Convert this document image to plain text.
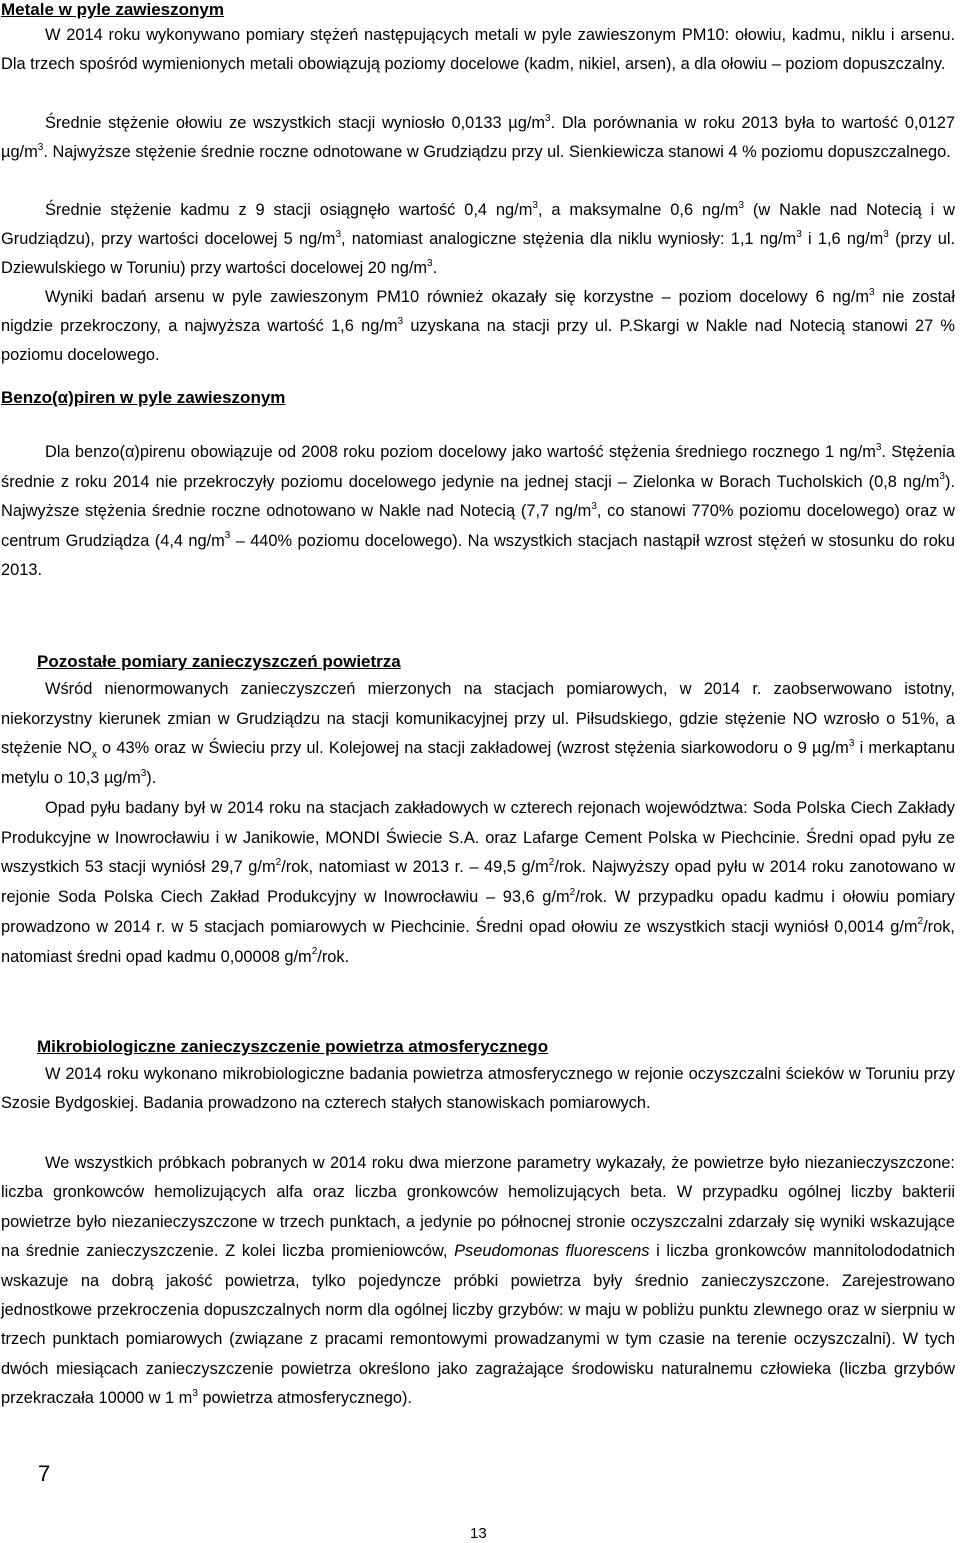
Metale w pyle zawieszonym

W 2014 roku wykonywano pomiary stężeń następujących metali w pyle zawieszonym PM10: ołowiu, kadmu, niklu i arsenu. Dla trzech spośród wymienionych metali obowiązują poziomy docelowe (kadm, nikiel, arsen), a dla ołowiu – poziom dopuszczalny.

Średnie stężenie ołowiu ze wszystkich stacji wyniosło 0,0133 $\mu g/m^3$. Dla porównania w roku 2013 była to wartość 0,0127 $\mu g/m^3$. Najwyższe stężenie średnie roczne odnotowane w Grudziądzu przy ul. Sienkiewicza stanowi 4 % poziomu dopuszczalnego.

Średnie stężenie kadmu z 9 stacji osiągnęło wartość 0,4 $ng/m^3$, a maksymalne 0,6 $ng/m^3$ (w Nakle nad Notecią i w Grudziądzu), przy wartości docelowej 5 $ng/m^3$, natomiast analogiczne stężenia dla niklu wyniosły: 1,1 $ng/m^3$ i 1,6 $ng/m^3$ (przy ul. Dziewulskiego w Toruniu) przy wartości docelowej 20 $ng/m^3$.

Wyniki badań arsenu w pyle zawieszonym PM10 również okazały się korzystne – poziom docelowy 6 $ng/m^3$ nie został nigdzie przekroczony, a najwyższa wartość 1,6 $ng/m^3$ uzyskana na stacji przy ul. P.Skargi w Nakle nad Notecią stanowi 27 % poziomu docelowego.

Benzo(α)piren w pyle zawieszonym

Dla benzo(α)pirenu obowiązuje od 2008 roku poziom docelowy jako wartość stężenia średniego rocznego 1 $ng/m^3$. Stężenia średnie z roku 2014 nie przekroczyły poziomu docelowego jedynie na jednej stacji – Zielonka w Borach Tucholskich (0,8 $ng/m^3$). Najwyższe stężenia średnie roczne odnotowano w Nakle nad Notecią (7,7 $ng/m^3$, co stanowi 770% poziomu docelowego) oraz w centrum Grudziądza (4,4 $ng/m^3 - 440\%$ poziomu docelowego). Na wszystkich stacjach nastąpił wzrost stężeń w stosunku do roku 2013.

Pozostałe pomiary zanieczyszczeń powietrza

Wśród nienormowanych zanieczyszczeń mierzonych na stacjach pomiarowych, w 2014 r. zaobserwowano istotny, niekorzystny kierunek zmian w Grudziądzu na stacji komunikacyjnej przy ul. Piłsudskiego, gdzie stężenie NO wzrosło o 51%, a stężenie $NO_x$ o 43% oraz w Świeciu przy ul. Kolejowej na stacji zakładowej (wzrost stężenia siarkowodoru o 9 $\mu g/m^3$ i merkaptanu metylu o 10,3 $\mu g/m^3$).

Opad pyłu badany był w 2014 roku na stacjach zakładowych w czterech rejonach województwa: Soda Polska Ciech Zakłady Produkcyjne w Inowrocławiu i w Janikowie, MONDI Świecie S.A. oraz Lafarge Cement Polska w Piechcinie. Średni opad pyłu ze wszystkich 53 stacji wyniósł 29,7 $g/m^2$/rok, natomiast w 2013 r. – 49,5 $g/m^2$/rok. Najwyższy opad pyłu w 2014 roku zanotowano w rejonie Soda Polska Ciech Zakład Produkcyjny w Inowrocławiu – 93,6 $g/m^2$/rok. W przypadku opadu kadmu i ołowiu pomiary prowadzono w 2014 r. w 5 stacjach pomiarowych w Piechcinie. Średni opad ołowiu ze wszystkich stacji wyniósł 0,0014 $g/m^2$/rok, natomiast średni opad kadmu 0,00008 $g/m^2$/rok.

Mikrobiologiczne zanieczyszczenie powietrza atmosferycznego

W 2014 roku wykonano mikrobiologiczne badania powietrza atmosferycznego w rejonie oczyszczalni ścieków w Toruniu przy Szosie Bydgoskiej. Badania prowadzono na czterech stałych stanowiskach pomiarowych.

We wszystkich próbkach pobranych w 2014 roku dwa mierzone parametry wykazały, że powietrze było niezanieczyszczone: liczba gronkowców hemolizujących alfa oraz liczba gronkowców hemolizujących beta. W przypadku ogólnej liczby bakterii powietrze było niezanieczyszczone w trzech punktach, a jedynie po północnej stronie oczyszczalni zdarzały się wyniki wskazujące na średnie zanieczyszczenie. Z kolei liczba promieniowców, Pseudomonas fluorescens i liczba gronkowców mannitolododatnich wskazuje na dobrą jakość powietrza, tylko pojedyncze próbki powietrza były średnio zanieczyszczone. Zarejestrowano jednostkowe przekroczenia dopuszczalnych norm dla ogólnej liczby grzybów: w maju w pobliżu punktu zlewnego oraz w sierpniu w trzech punktach pomiarowych (związane z pracami remontowymi prowadzanymi w tym czasie na terenie oczyszczalni). W tych dwóch miesiącach zanieczyszczenie powietrza określono jako zagrażające środowisku naturalnemu człowieka (liczba grzybów przekraczała 10000 w 1 $m^3$ powietrza atmosferycznego).

7
13
